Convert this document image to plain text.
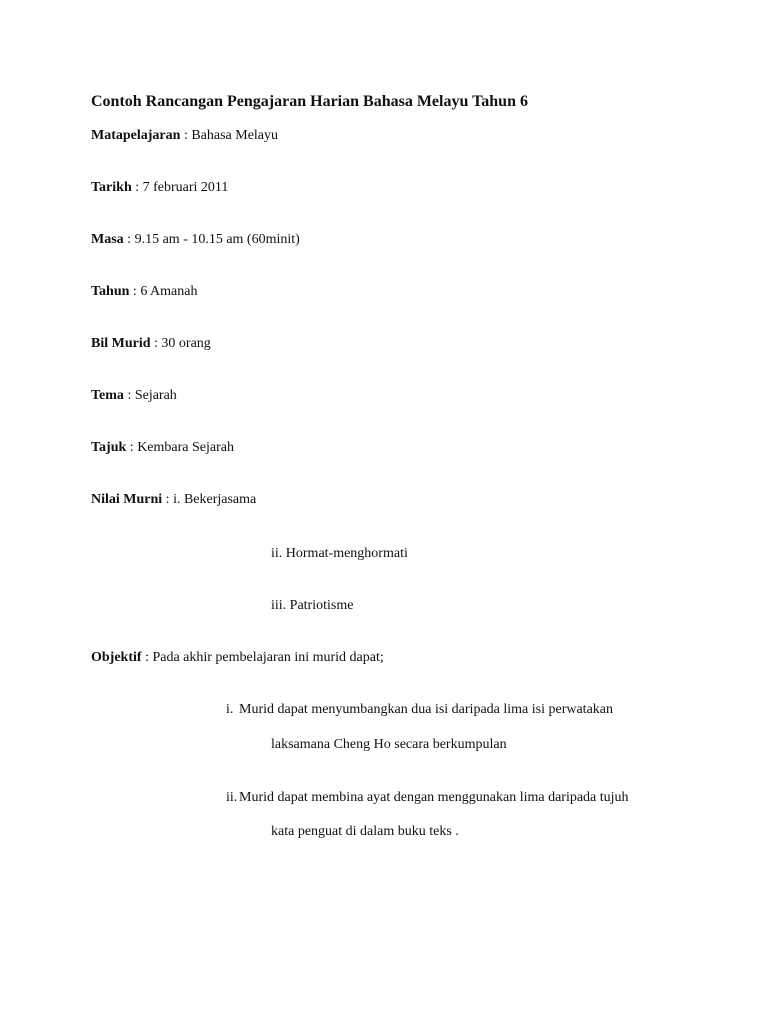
Contoh Rancangan Pengajaran Harian Bahasa Melayu Tahun 6
Matapelajaran : Bahasa Melayu
Tarikh : 7 februari 2011
Masa : 9.15 am - 10.15 am (60minit)
Tahun : 6 Amanah
Bil Murid : 30 orang
Tema : Sejarah
Tajuk : Kembara Sejarah
Nilai Murni : i. Bekerjasama
ii. Hormat-menghormati
iii. Patriotisme
Objektif : Pada akhir pembelajaran ini murid dapat;
i. Murid dapat menyumbangkan dua isi daripada lima isi perwatakan
laksamana Cheng Ho secara berkumpulan
ii. Murid dapat membina ayat dengan menggunakan lima daripada tujuh
kata penguat di dalam buku teks .
